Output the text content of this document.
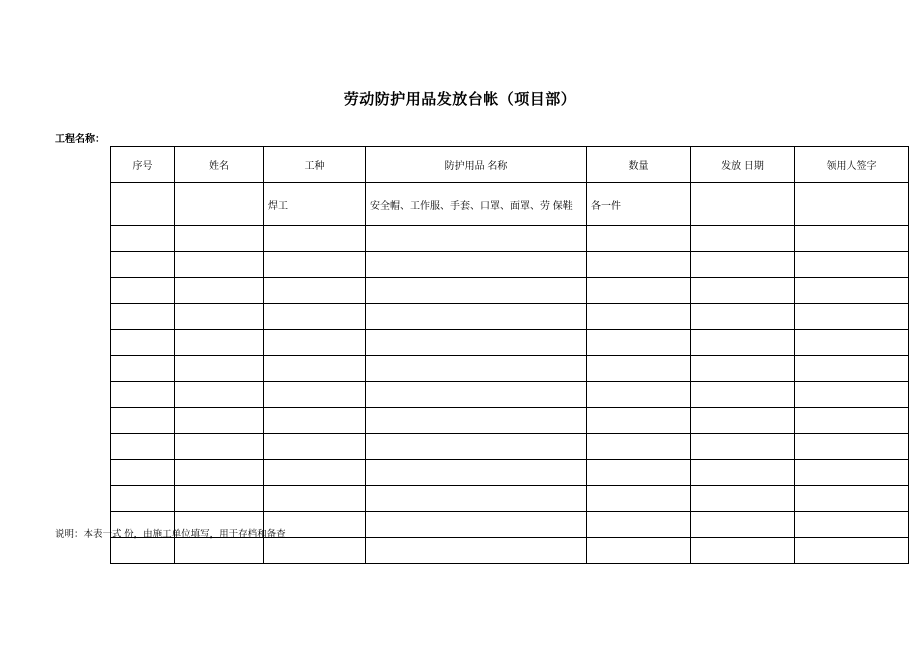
劳动防护用品发放台帐（项目部）
工程名称：
序号	姓名	工种	防护用品 名称	数量	发放 日期	领用人签字
		焊工	安全帽、工作服、手套、口罩、面罩、劳 保鞋	各一件		

说明：本表一式 份，由施工单位填写，用于存档和备查
